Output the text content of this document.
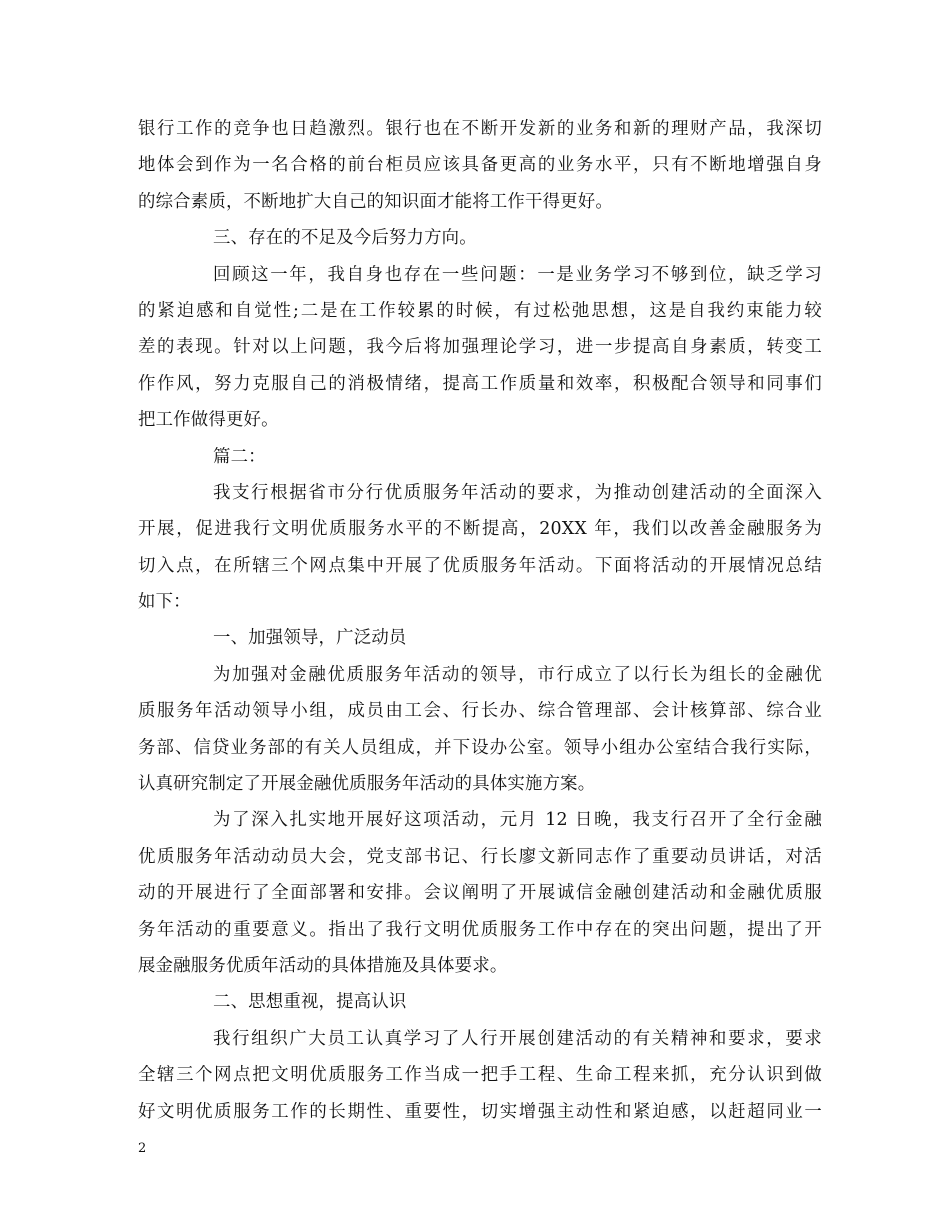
银行工作的竞争也日趋激烈。银行也在不断开发新的业务和新的理财产品，我深切
地体会到作为一名合格的前台柜员应该具备更高的业务水平，只有不断地增强自身
的综合素质，不断地扩大自己的知识面才能将工作干得更好。
三、存在的不足及今后努力方向。
回顾这一年，我自身也存在一些问题：一是业务学习不够到位，缺乏学习
的紧迫感和自觉性;二是在工作较累的时候，有过松弛思想，这是自我约束能力较
差的表现。针对以上问题，我今后将加强理论学习，进一步提高自身素质，转变工
作作风，努力克服自己的消极情绪，提高工作质量和效率，积极配合领导和同事们
把工作做得更好。
篇二：
我支行根据省市分行优质服务年活动的要求，为推动创建活动的全面深入
开展，促进我行文明优质服务水平的不断提高，20XX 年，我们以改善金融服务为
切入点，在所辖三个网点集中开展了优质服务年活动。下面将活动的开展情况总结
如下：
一、加强领导，广泛动员
为加强对金融优质服务年活动的领导，市行成立了以行长为组长的金融优
质服务年活动领导小组，成员由工会、行长办、综合管理部、会计核算部、综合业
务部、信贷业务部的有关人员组成，并下设办公室。领导小组办公室结合我行实际，
认真研究制定了开展金融优质服务年活动的具体实施方案。
为了深入扎实地开展好这项活动，元月 12 日晚，我支行召开了全行金融
优质服务年活动动员大会，党支部书记、行长廖文新同志作了重要动员讲话，对活
动的开展进行了全面部署和安排。会议阐明了开展诚信金融创建活动和金融优质服
务年活动的重要意义。指出了我行文明优质服务工作中存在的突出问题，提出了开
展金融服务优质年活动的具体措施及具体要求。
二、思想重视，提高认识
我行组织广大员工认真学习了人行开展创建活动的有关精神和要求，要求
全辖三个网点把文明优质服务工作当成一把手工程、生命工程来抓，充分认识到做
好文明优质服务工作的长期性、重要性，切实增强主动性和紧迫感，以赶超同业一
2
